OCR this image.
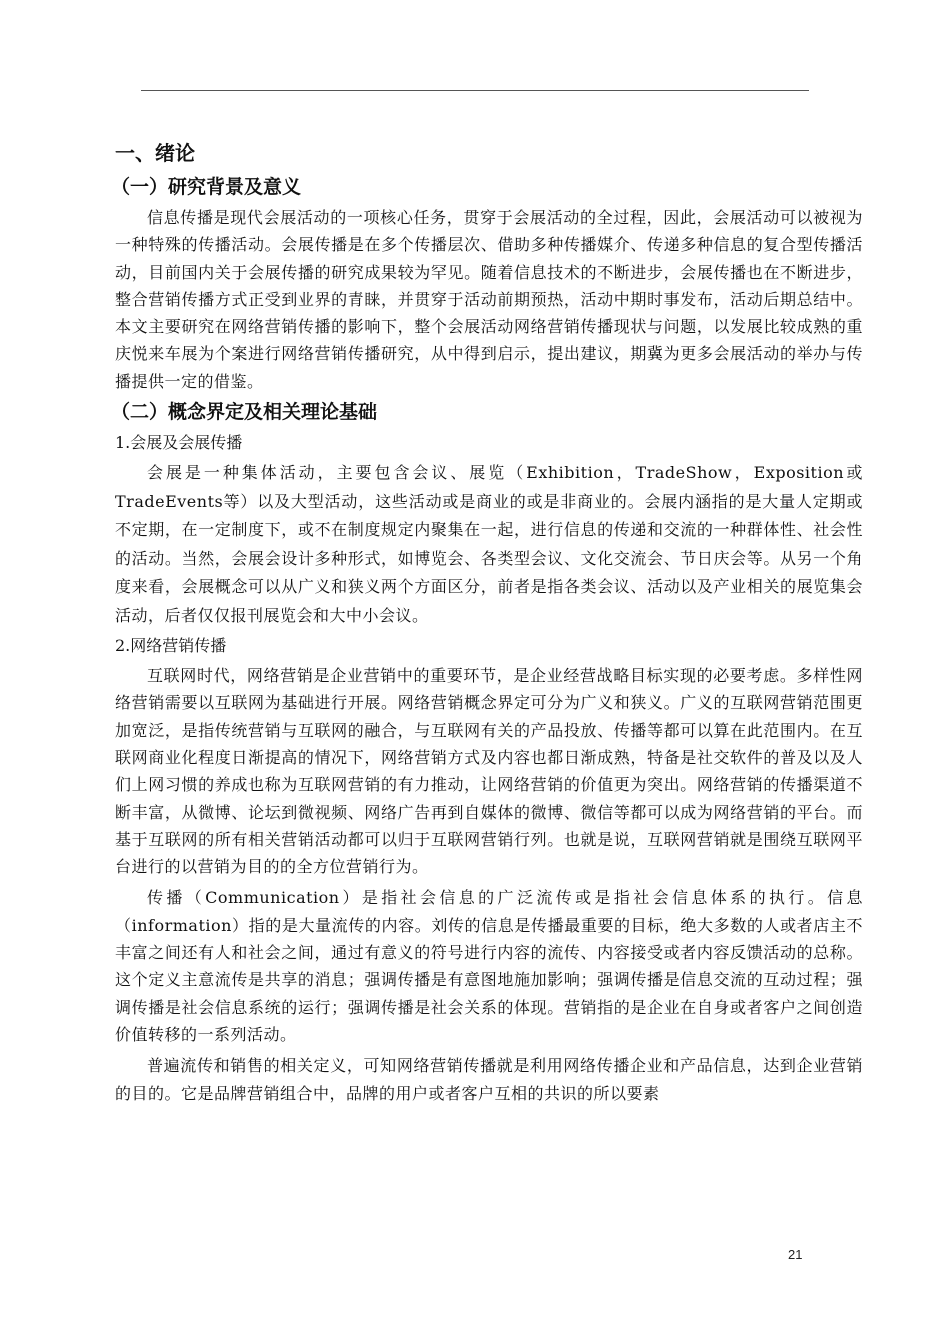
一、绪论
（一）研究背景及意义

信息传播是现代会展活动的一项核心任务，贯穿于会展活动的全过程，因此，会展活动可以被视为一种特殊的传播活动。会展传播是在多个传播层次、借助多种传播媒介、传递多种信息的复合型传播活动，目前国内关于会展传播的研究成果较为罕见。随着信息技术的不断进步，会展传播也在不断进步，整合营销传播方式正受到业界的青睐，并贯穿于活动前期预热，活动中期时事发布，活动后期总结中。本文主要研究在网络营销传播的影响下，整个会展活动网络营销传播现状与问题，以发展比较成熟的重庆悦来车展为个案进行网络营销传播研究，从中得到启示，提出建议，期冀为更多会展活动的举办与传播提供一定的借鉴。

（二）概念界定及相关理论基础
1.会展及会展传播

会展是一种集体活动，主要包含会议、展览（Exhibition，TradeShow，Exposition或TradeEvents等）以及大型活动，这些活动或是商业的或是非商业的。会展内涵指的是大量人定期或不定期，在一定制度下，或不在制度规定内聚集在一起，进行信息的传递和交流的一种群体性、社会性的活动。当然，会展会设计多种形式，如博览会、各类型会议、文化交流会、节日庆会等。从另一个角度来看，会展概念可以从广义和狭义两个方面区分，前者是指各类会议、活动以及产业相关的展览集会活动，后者仅仅报刊展览会和大中小会议。

2.网络营销传播

互联网时代，网络营销是企业营销中的重要环节，是企业经营战略目标实现的必要考虑。多样性网络营销需要以互联网为基础进行开展。网络营销概念界定可分为广义和狭义。广义的互联网营销范围更加宽泛，是指传统营销与互联网的融合，与互联网有关的产品投放、传播等都可以算在此范围内。在互联网商业化程度日渐提高的情况下，网络营销方式及内容也都日渐成熟，特备是社交软件的普及以及人们上网习惯的养成也称为互联网营销的有力推动，让网络营销的价值更为突出。网络营销的传播渠道不断丰富，从微博、论坛到微视频、网络广告再到自媒体的微博、微信等都可以成为网络营销的平台。而基于互联网的所有相关营销活动都可以归于互联网营销行列。也就是说，互联网营销就是围绕互联网平台进行的以营销为目的的全方位营销行为。

传播（Communication）是指社会信息的广泛流传或是指社会信息体系的执行。信息（information）指的是大量流传的内容。刘传的信息是传播最重要的目标，绝大多数的人或者店主不丰富之间还有人和社会之间，通过有意义的符号进行内容的流传、内容接受或者内容反馈活动的总称。这个定义主意流传是共享的消息；强调传播是有意图地施加影响；强调传播是信息交流的互动过程；强调传播是社会信息系统的运行；强调传播是社会关系的体现。营销指的是企业在自身或者客户之间创造价值转移的一系列活动。

普遍流传和销售的相关定义，可知网络营销传播就是利用网络传播企业和产品信息，达到企业营销的目的。它是品牌营销组合中，品牌的用户或者客户互相的共识的所以要素

21
